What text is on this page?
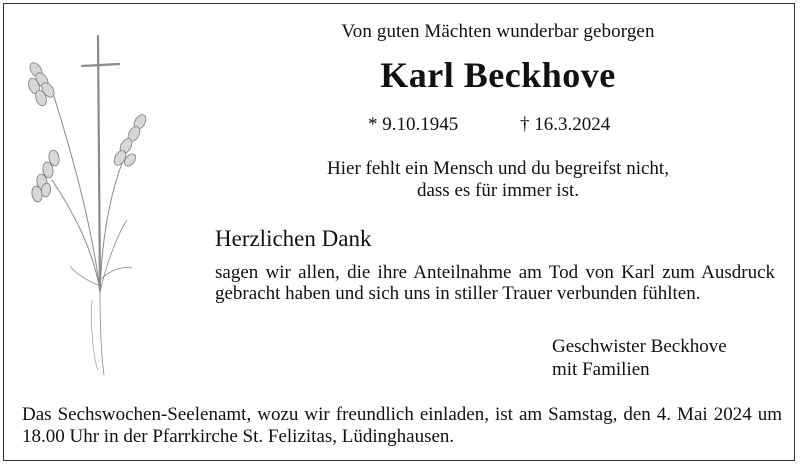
Von guten Mächten wunderbar geborgen
Karl Beckhove
* 9.10.1945	† 16.3.2024
Hier fehlt ein Mensch und du begreifst nicht,
dass es für immer ist.
Herzlichen Dank
sagen wir allen, die ihre Anteilnahme am Tod von Karl zum Ausdruck gebracht haben und sich uns in stiller Trauer verbunden fühlten.
Geschwister Beckhove
mit Familien
Das Sechswochen-Seelenamt, wozu wir freundlich einladen, ist am Samstag, den 4. Mai 2024 um 18.00 Uhr in der Pfarrkirche St. Felizitas, Lüdinghausen.
